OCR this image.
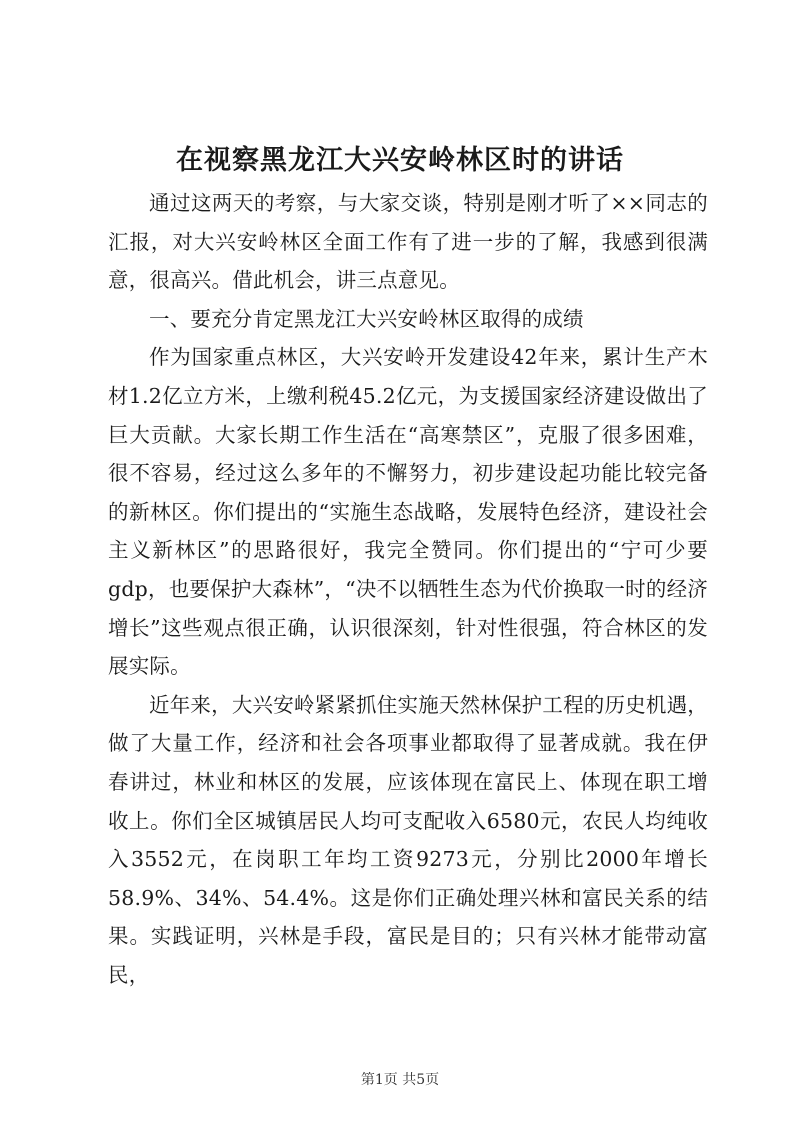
在视察黑龙江大兴安岭林区时的讲话

通过这两天的考察，与大家交谈，特别是刚才听了××同志的汇报，对大兴安岭林区全面工作有了进一步的了解，我感到很满意，很高兴。借此机会，讲三点意见。

一、要充分肯定黑龙江大兴安岭林区取得的成绩

作为国家重点林区，大兴安岭开发建设42年来，累计生产木材1.2亿立方米，上缴利税45.2亿元，为支援国家经济建设做出了巨大贡献。大家长期工作生活在“高寒禁区”，克服了很多困难，很不容易，经过这么多年的不懈努力，初步建设起功能比较完备的新林区。你们提出的“实施生态战略，发展特色经济，建设社会主义新林区”的思路很好，我完全赞同。你们提出的“宁可少要gdp，也要保护大森林”，“决不以牺牲生态为代价换取一时的经济增长”这些观点很正确，认识很深刻，针对性很强，符合林区的发展实际。

近年来，大兴安岭紧紧抓住实施天然林保护工程的历史机遇，做了大量工作，经济和社会各项事业都取得了显著成就。我在伊春讲过，林业和林区的发展，应该体现在富民上、体现在职工增收上。你们全区城镇居民人均可支配收入6580元，农民人均纯收入3552元，在岗职工年均工资9273元，分别比2000年增长58.9%、34%、54.4%。这是你们正确处理兴林和富民关系的结果。实践证明，兴林是手段，富民是目的；只有兴林才能带动富民，

第1页 共5页
